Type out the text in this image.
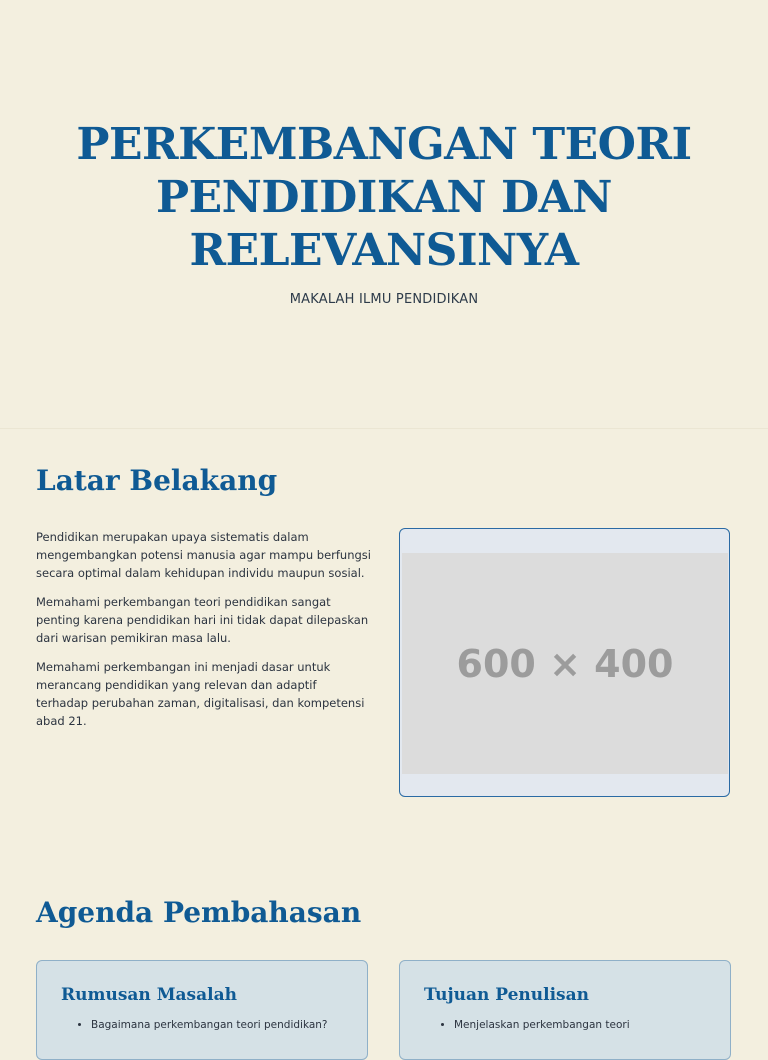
PERKEMBANGAN TEORI PENDIDIKAN DAN RELEVANSINYA
MAKALAH ILMU PENDIDIKAN
Latar Belakang

Pendidikan merupakan upaya sistematis dalam mengembangkan potensi manusia agar mampu berfungsi secara optimal dalam kehidupan individu maupun sosial.

Memahami perkembangan teori pendidikan sangat penting karena pendidikan hari ini tidak dapat dilepaskan dari warisan pemikiran masa lalu.

Memahami perkembangan ini menjadi dasar untuk merancang pendidikan yang relevan dan adaptif terhadap perubahan zaman, digitalisasi, dan kompetensi abad 21.

600 × 400
Agenda Pembahasan
Rumusan Masalah
• Bagaimana perkembangan teori pendidikan?
Tujuan Penulisan
• Menjelaskan perkembangan teori
